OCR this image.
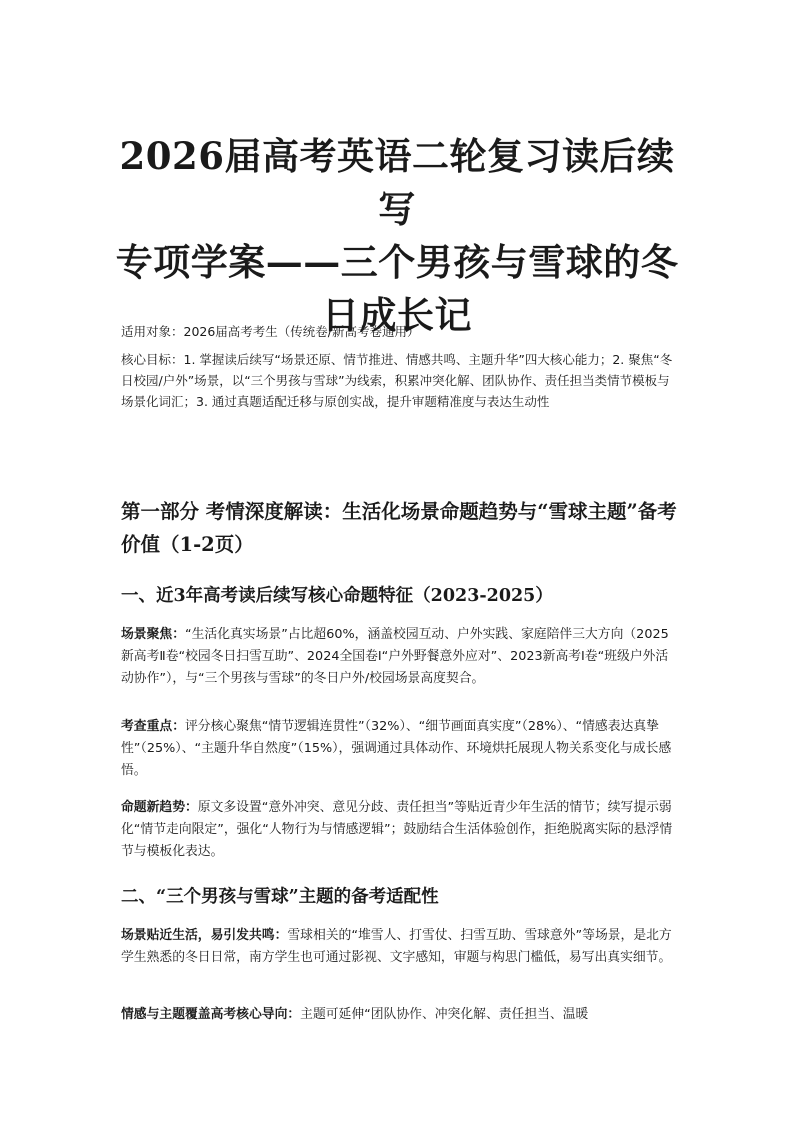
2026届高考英语二轮复习读后续写
专项学案——三个男孩与雪球的冬
日成长记

适用对象：2026届高考考生（传统卷/新高考卷通用）

核心目标：1. 掌握读后续写“场景还原、情节推进、情感共鸣、主题升华”四大核心能力；2. 聚焦“冬日校园/户外”场景，以“三个男孩与雪球”为线索，积累冲突化解、团队协作、责任担当类情节模板与场景化词汇；3. 通过真题适配迁移与原创实战，提升审题精准度与表达生动性

第一部分 考情深度解读：生活化场景命题趋势与“雪球主题”备考价值（1-2页）
一、近3年高考读后续写核心命题特征（2023-2025）

场景聚焦：“生活化真实场景”占比超60%，涵盖校园互动、户外实践、家庭陪伴三大方向（2025新高考Ⅱ卷“校园冬日扫雪互助”、2024全国卷Ⅰ“户外野餐意外应对”、2023新高考Ⅰ卷“班级户外活动协作”），与“三个男孩与雪球”的冬日户外/校园场景高度契合。

考查重点：评分核心聚焦“情节逻辑连贯性”（32%）、“细节画面真实度”（28%）、“情感表达真挚性”（25%）、“主题升华自然度”（15%），强调通过具体动作、环境烘托展现人物关系变化与成长感悟。

命题新趋势：原文多设置“意外冲突、意见分歧、责任担当”等贴近青少年生活的情节；续写提示弱化“情节走向限定”，强化“人物行为与情感逻辑”；鼓励结合生活体验创作，拒绝脱离实际的悬浮情节与模板化表达。

二、“三个男孩与雪球”主题的备考适配性

场景贴近生活，易引发共鸣：雪球相关的“堆雪人、打雪仗、扫雪互助、雪球意外”等场景，是北方学生熟悉的冬日日常，南方学生也可通过影视、文字感知，审题与构思门槛低，易写出真实细节。

情感与主题覆盖高考核心导向：主题可延伸“团队协作、冲突化解、责任担当、温暖
